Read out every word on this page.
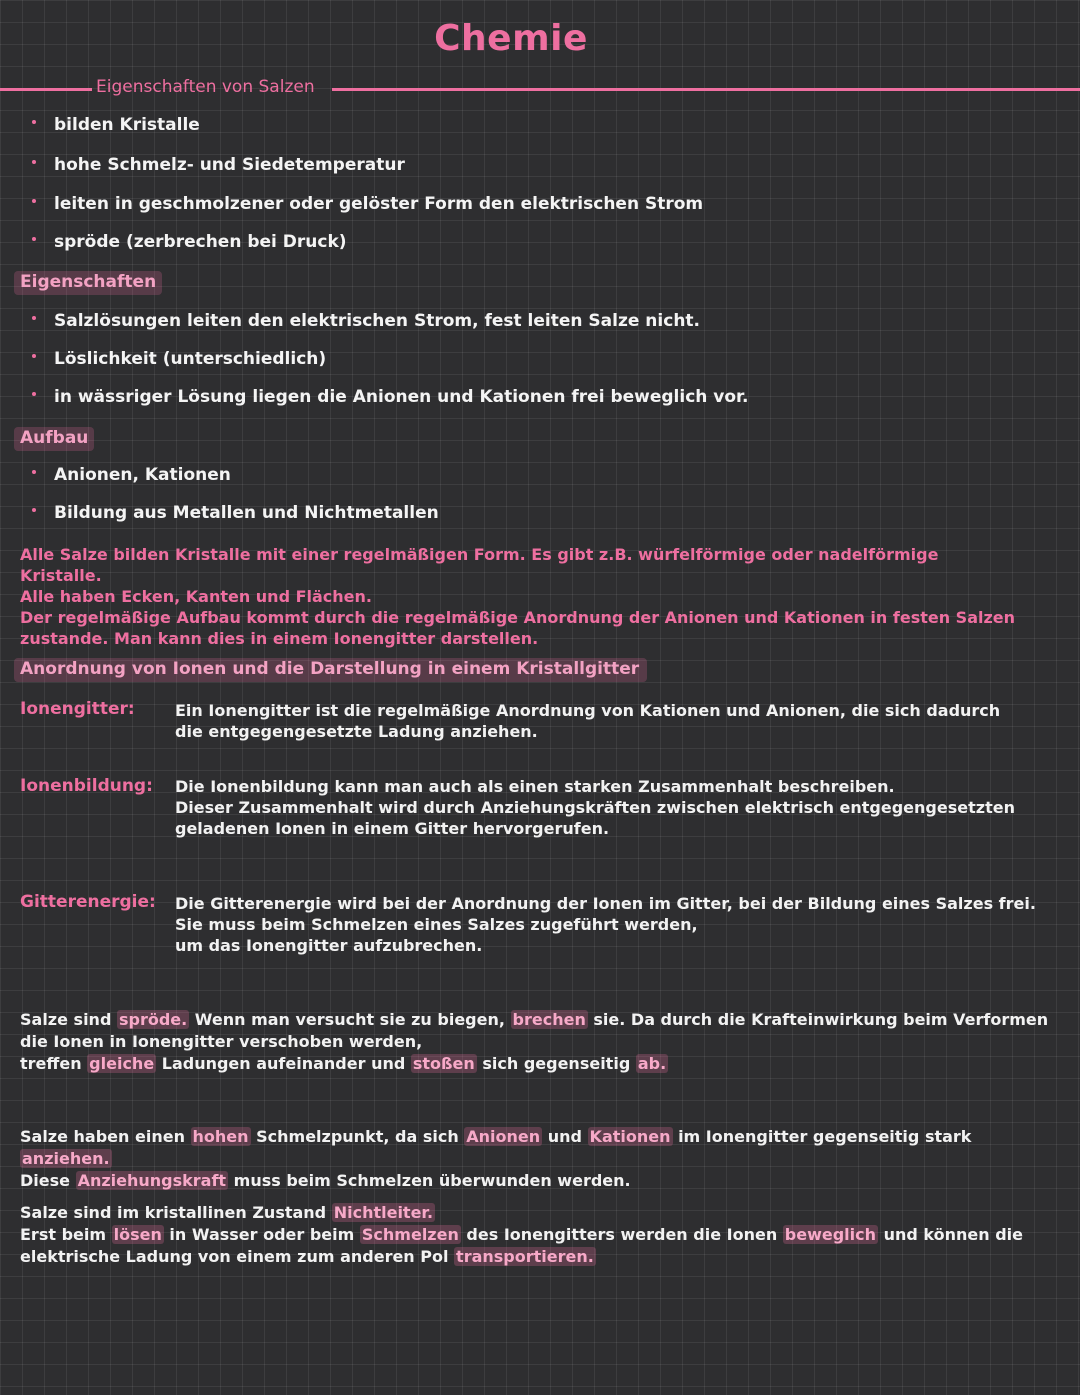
Chemie
Eigenschaften von Salzen
bilden Kristalle
hohe Schmelz- und Siedetemperatur
leiten in geschmolzener oder gelöster Form den elektrischen Strom
spröde (zerbrechen bei Druck)
Eigenschaften
Salzlösungen leiten den elektrischen Strom, fest leiten Salze nicht.
Löslichkeit (unterschiedlich)
in wässriger Lösung liegen die Anionen und Kationen frei beweglich vor.
Aufbau
Anionen, Kationen
Bildung aus Metallen und Nichtmetallen
Alle Salze bilden Kristalle mit einer regelmäßigen Form. Es gibt z.B. würfelförmige oder nadelförmige Kristalle.
Alle haben Ecken, Kanten und Flächen.
Der regelmäßige Aufbau kommt durch die regelmäßige Anordnung der Anionen und Kationen in festen Salzen
zustande. Man kann dies in einem Ionengitter darstellen.
Anordnung von Ionen und die Darstellung in einem Kristallgitter
Ionengitter:	Ein Ionengitter ist die regelmäßige Anordnung von Kationen und Anionen, die sich dadurch
die entgegengesetzte Ladung anziehen.
Ionenbildung: Die Ionenbildung kann man auch als einen starken Zusammenhalt beschreiben.
Dieser Zusammenhalt wird durch Anziehungskräften zwischen elektrisch entgegengesetzten
geladenen Ionen in einem Gitter hervorgerufen.
Gitterenergie: Die Gitterenergie wird bei der Anordnung der Ionen im Gitter, bei der Bildung eines Salzes frei.
Sie muss beim Schmelzen eines Salzes zugeführt werden,
um das Ionengitter aufzubrechen.
Salze sind spröde. Wenn man versucht sie zu biegen, brechen sie. Da durch die Krafteinwirkung beim Verformen
die Ionen in Ionengitter verschoben werden,
treffen gleiche Ladungen aufeinander und stoßen sich gegenseitig ab.
Salze haben einen hohen Schmelzpunkt, da sich Anionen und Kationen im Ionengitter gegenseitig stark anziehen.
Diese Anziehungskraft muss beim Schmelzen überwunden werden.
Salze sind im kristallinen Zustand Nichtleiter.
Erst beim lösen in Wasser oder beim Schmelzen des Ionengitters werden die Ionen beweglich und können die
elektrische Ladung von einem zum anderen Pol transportieren.
